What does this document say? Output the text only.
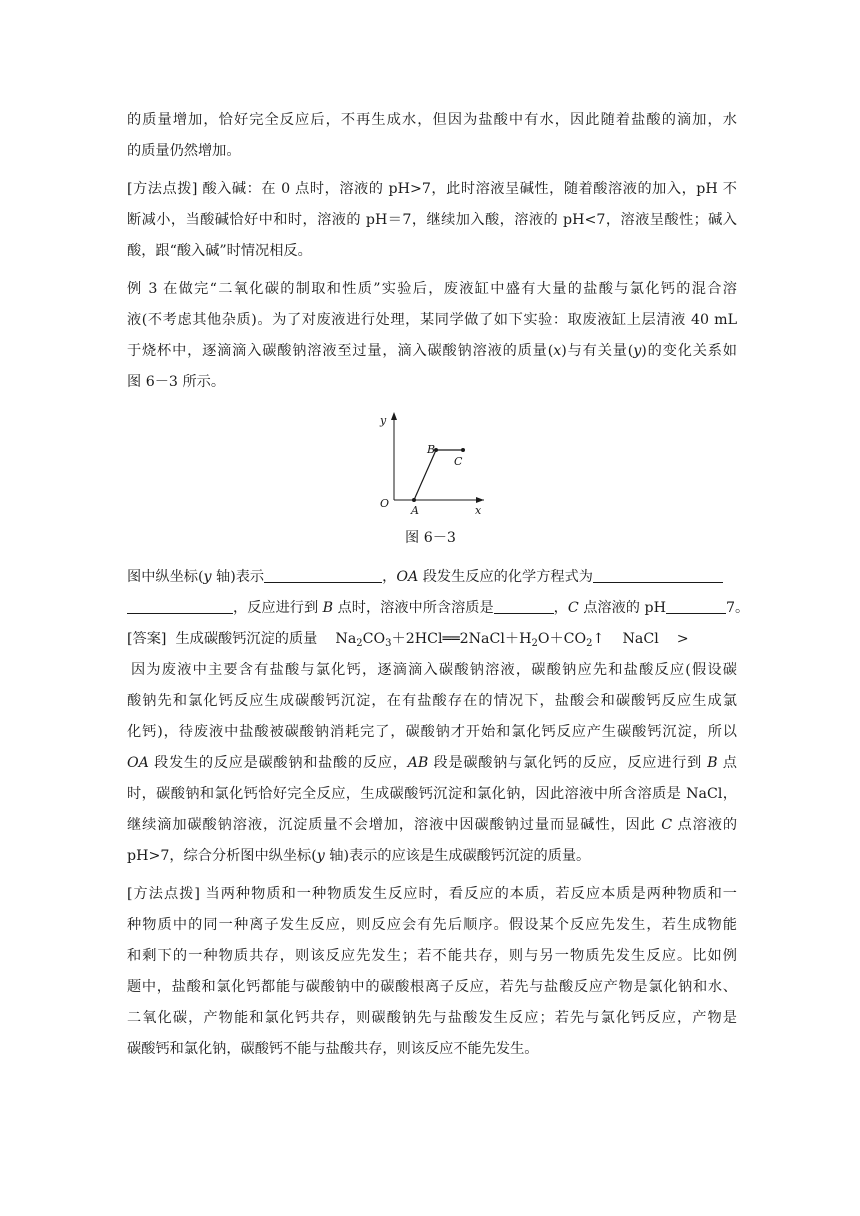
的质量增加，恰好完全反应后，不再生成水，但因为盐酸中有水，因此随着盐酸的滴加，水
的质量仍然增加。
[方法点拨] 酸入碱：在 0 点时，溶液的 pH>7，此时溶液呈碱性，随着酸溶液的加入，pH 不
断减小，当酸碱恰好中和时，溶液的 pH＝7，继续加入酸，溶液的 pH<7，溶液呈酸性；碱入
酸，跟“酸入碱”时情况相反。
例 3 在做完“二氧化碳的制取和性质”实验后，废液缸中盛有大量的盐酸与氯化钙的混合溶
液(不考虑其他杂质)。为了对废液进行处理，某同学做了如下实验：取废液缸上层清液 40 mL
于烧杯中，逐滴滴入碳酸钠溶液至过量，滴入碳酸钠溶液的质量(x)与有关量(y)的变化关系如
图 6－3 所示。
y
x
O
A
B
C
图 6－3
图中纵坐标(y 轴)表示	，OA 段发生反应的化学方程式为
，反应进行到 B 点时，溶液中所含溶质是	，C 点溶液的 pH	7。
[答案] 生成碳酸钙沉淀的质量 $Na_2CO_3+2HCl══2NaCl+H_2O+CO_2↑$ NaCl >
因为废液中主要含有盐酸与氯化钙，逐滴滴入碳酸钠溶液，碳酸钠应先和盐酸反应(假设碳
酸钠先和氯化钙反应生成碳酸钙沉淀，在有盐酸存在的情况下，盐酸会和碳酸钙反应生成氯
化钙)，待废液中盐酸被碳酸钠消耗完了，碳酸钠才开始和氯化钙反应产生碳酸钙沉淀，所以
OA 段发生的反应是碳酸钠和盐酸的反应，AB 段是碳酸钠与氯化钙的反应，反应进行到 B 点
时，碳酸钠和氯化钙恰好完全反应，生成碳酸钙沉淀和氯化钠，因此溶液中所含溶质是 NaCl，
继续滴加碳酸钠溶液，沉淀质量不会增加，溶液中因碳酸钠过量而显碱性，因此 C 点溶液的
pH>7，综合分析图中纵坐标(y 轴)表示的应该是生成碳酸钙沉淀的质量。
[方法点拨] 当两种物质和一种物质发生反应时，看反应的本质，若反应本质是两种物质和一
种物质中的同一种离子发生反应，则反应会有先后顺序。假设某个反应先发生，若生成物能
和剩下的一种物质共存，则该反应先发生；若不能共存，则与另一物质先发生反应。比如例
题中，盐酸和氯化钙都能与碳酸钠中的碳酸根离子反应，若先与盐酸反应产物是氯化钠和水、
二氧化碳，产物能和氯化钙共存，则碳酸钠先与盐酸发生反应；若先与氯化钙反应，产物是
碳酸钙和氯化钠，碳酸钙不能与盐酸共存，则该反应不能先发生。
